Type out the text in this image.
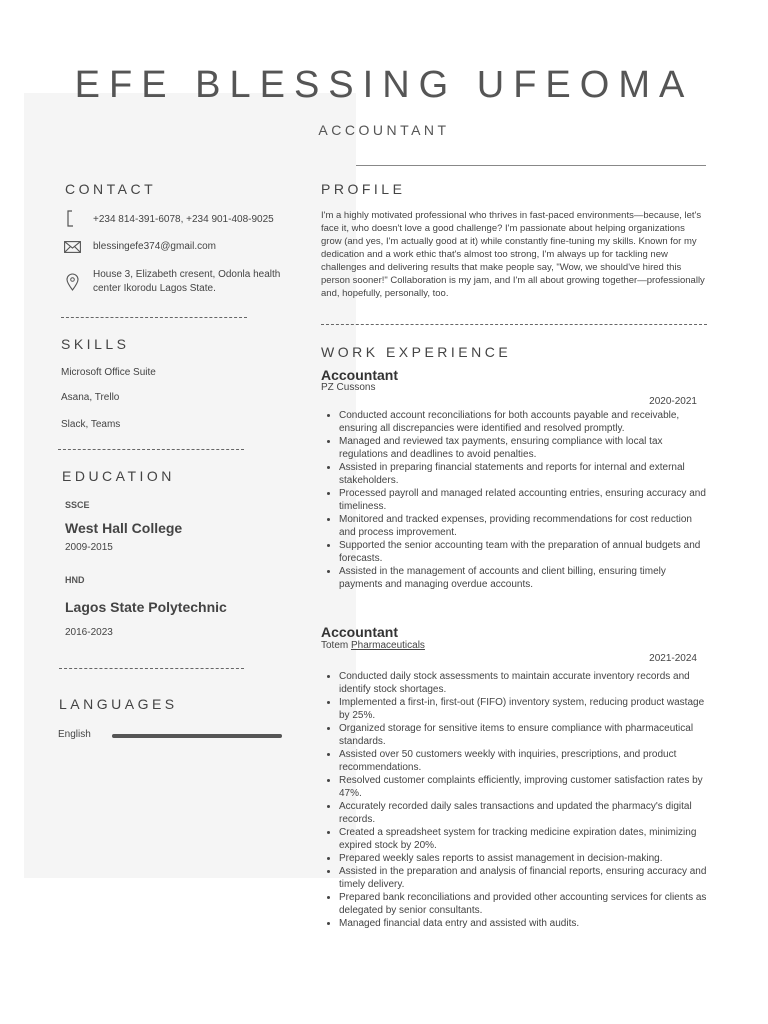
EFE BLESSING UFEOMA
ACCOUNTANT
CONTACT
+234 814-391-6078, +234 901-408-9025
blessingefe374@gmail.com
House 3, Elizabeth cresent, Odonla health center Ikorodu Lagos State.
SKILLS
Microsoft Office Suite
Asana, Trello
Slack, Teams
EDUCATION
SSCE
West Hall College
2009-2015
HND
Lagos State Polytechnic
2016-2023
LANGUAGES
English
PROFILE
I'm a highly motivated professional who thrives in fast-paced environments—because, let's face it, who doesn't love a good challenge? I'm passionate about helping organizations grow (and yes, I'm actually good at it) while constantly fine-tuning my skills. Known for my dedication and a work ethic that's almost too strong, I'm always up for tackling new challenges and delivering results that make people say, "Wow, we should've hired this person sooner!" Collaboration is my jam, and I'm all about growing together—professionally and, hopefully, personally, too.
WORK EXPERIENCE
Accountant
PZ Cussons
2020-2021
• Conducted account reconciliations for both accounts payable and receivable, ensuring all discrepancies were identified and resolved promptly.
• Managed and reviewed tax payments, ensuring compliance with local tax regulations and deadlines to avoid penalties.
• Assisted in preparing financial statements and reports for internal and external stakeholders.
• Processed payroll and managed related accounting entries, ensuring accuracy and timeliness.
• Monitored and tracked expenses, providing recommendations for cost reduction and process improvement.
• Supported the senior accounting team with the preparation of annual budgets and forecasts.
• Assisted in the management of accounts and client billing, ensuring timely payments and managing overdue accounts.
Accountant
Totem Pharmaceuticals
2021-2024
• Conducted daily stock assessments to maintain accurate inventory records and identify stock shortages.
• Implemented a first-in, first-out (FIFO) inventory system, reducing product wastage by 25%.
• Organized storage for sensitive items to ensure compliance with pharmaceutical standards.
• Assisted over 50 customers weekly with inquiries, prescriptions, and product recommendations.
• Resolved customer complaints efficiently, improving customer satisfaction rates by 47%.
• Accurately recorded daily sales transactions and updated the pharmacy's digital records.
• Created a spreadsheet system for tracking medicine expiration dates, minimizing expired stock by 20%.
• Prepared weekly sales reports to assist management in decision-making.
• Assisted in the preparation and analysis of financial reports, ensuring accuracy and timely delivery.
• Prepared bank reconciliations and provided other accounting services for clients as delegated by senior consultants.
• Managed financial data entry and assisted with audits.
